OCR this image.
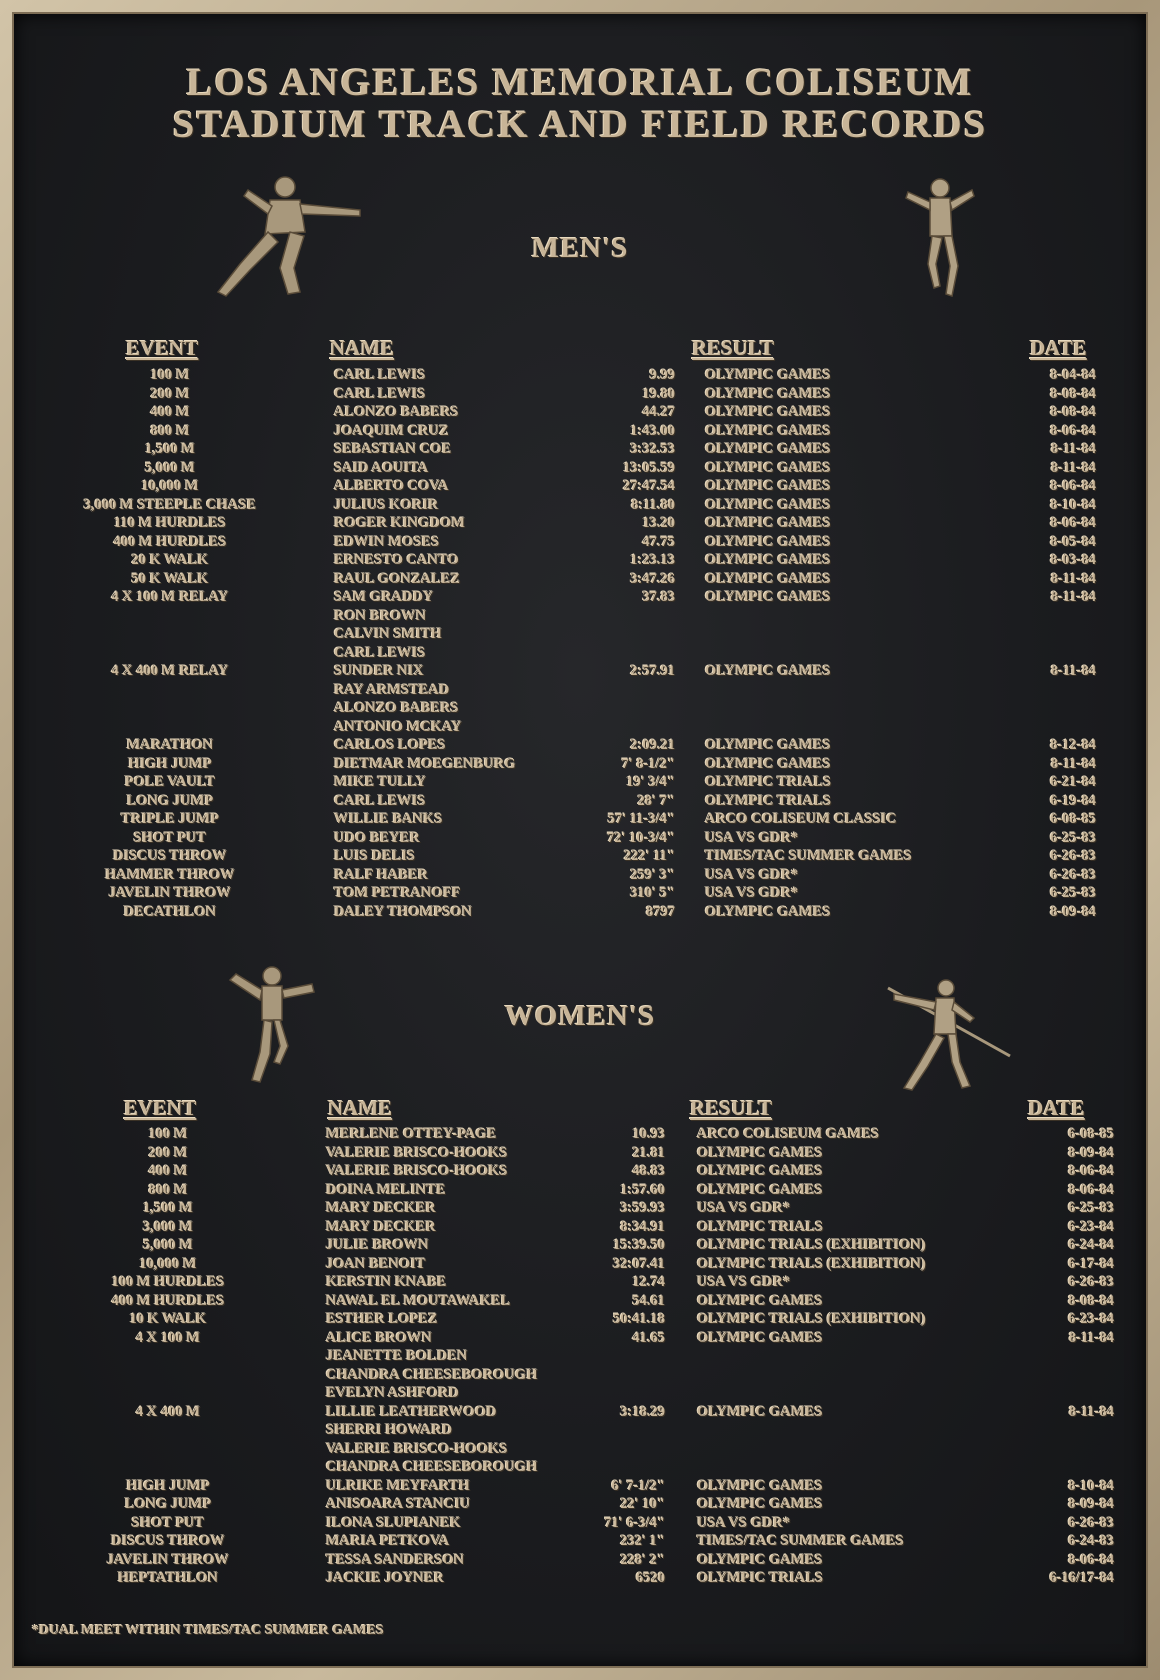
LOS ANGELES MEMORIAL COLISEUM
STADIUM TRACK AND FIELD RECORDS
MEN'S
EVENT	NAME	RESULT	DATE
100 M	CARL LEWIS	9.99 OLYMPIC GAMES	8-04-84
200 M	CARL LEWIS	19.80 OLYMPIC GAMES	8-08-84
400 M	ALONZO BABERS	44.27 OLYMPIC GAMES	8-08-84
800 M	JOAQUIM CRUZ	1:43.00 OLYMPIC GAMES	8-06-84
1,500 M	SEBASTIAN COE	3:32.53 OLYMPIC GAMES	8-11-84
5,000 M	SAID AOUITA	13:05.59 OLYMPIC GAMES	8-11-84
10,000 M	ALBERTO COVA	27:47.54 OLYMPIC GAMES	8-06-84
3,000 M STEEPLE CHASE	JULIUS KORIR	8:11.80 OLYMPIC GAMES	8-10-84
110 M HURDLES	ROGER KINGDOM	13.20 OLYMPIC GAMES	8-06-84
400 M HURDLES	EDWIN MOSES	47.75 OLYMPIC GAMES	8-05-84
20 K WALK	ERNESTO CANTO	1:23.13 OLYMPIC GAMES	8-03-84
50 K WALK	RAUL GONZALEZ	3:47.26 OLYMPIC GAMES	8-11-84
4 X 100 M RELAY	SAM GRADDY	37.83 OLYMPIC GAMES	8-11-84
RON BROWN
CALVIN SMITH
CARL LEWIS
4 X 400 M RELAY	SUNDER NIX	2:57.91 OLYMPIC GAMES	8-11-84
RAY ARMSTEAD
ALONZO BABERS
ANTONIO MCKAY
MARATHON	CARLOS LOPES	2:09.21 OLYMPIC GAMES	8-12-84
HIGH JUMP	DIETMAR MOEGENBURG	7' 8-1/2" OLYMPIC GAMES	8-11-84
POLE VAULT	MIKE TULLY	19' 3/4" OLYMPIC TRIALS	6-21-84
LONG JUMP	CARL LEWIS	28' 7" OLYMPIC TRIALS	6-19-84
TRIPLE JUMP	WILLIE BANKS	57' 11-3/4" ARCO COLISEUM CLASSIC	6-08-85
SHOT PUT	UDO BEYER	72' 10-3/4" USA VS GDR*	6-25-83
DISCUS THROW	LUIS DELIS	222' 11" TIMES/TAC SUMMER GAMES	6-26-83
HAMMER THROW	RALF HABER	259' 3" USA VS GDR*	6-26-83
JAVELIN THROW	TOM PETRANOFF	310' 5" USA VS GDR*	6-25-83
DECATHLON	DALEY THOMPSON	8797 OLYMPIC GAMES	8-09-84
WOMEN'S
EVENT	NAME	RESULT	DATE
100 M	MERLENE OTTEY-PAGE	10.93 ARCO COLISEUM GAMES	6-08-85
200 M	VALERIE BRISCO-HOOKS	21.81 OLYMPIC GAMES	8-09-84
400 M	VALERIE BRISCO-HOOKS	48.83 OLYMPIC GAMES	8-06-84
800 M	DOINA MELINTE	1:57.60 OLYMPIC GAMES	8-06-84
1,500 M	MARY DECKER	3:59.93 USA VS GDR*	6-25-83
3,000 M	MARY DECKER	8:34.91 OLYMPIC TRIALS	6-23-84
5,000 M	JULIE BROWN	15:39.50 OLYMPIC TRIALS (EXHIBITION)	6-24-84
10,000 M	JOAN BENOIT	32:07.41 OLYMPIC TRIALS (EXHIBITION)	6-17-84
100 M HURDLES	KERSTIN KNABE	12.74 USA VS GDR*	6-26-83
400 M HURDLES	NAWAL EL MOUTAWAKEL	54.61 OLYMPIC GAMES	8-08-84
10 K WALK	ESTHER LOPEZ	50:41.18 OLYMPIC TRIALS (EXHIBITION)	6-23-84
4 X 100 M	ALICE BROWN	41.65 OLYMPIC GAMES	8-11-84
JEANETTE BOLDEN
CHANDRA CHEESEBOROUGH
EVELYN ASHFORD
4 X 400 M	LILLIE LEATHERWOOD	3:18.29 OLYMPIC GAMES	8-11-84
SHERRI HOWARD
VALERIE BRISCO-HOOKS
CHANDRA CHEESEBOROUGH
HIGH JUMP	ULRIKE MEYFARTH	6' 7-1/2" OLYMPIC GAMES	8-10-84
LONG JUMP	ANISOARA STANCIU	22' 10" OLYMPIC GAMES	8-09-84
SHOT PUT	ILONA SLUPIANEK	71' 6-3/4" USA VS GDR*	6-26-83
DISCUS THROW	MARIA PETKOVA	232' 1" TIMES/TAC SUMMER GAMES	6-24-83
JAVELIN THROW	TESSA SANDERSON	228' 2" OLYMPIC GAMES	8-06-84
HEPTATHLON	JACKIE JOYNER	6520 OLYMPIC TRIALS	6-16/17-84
*DUAL MEET WITHIN TIMES/TAC SUMMER GAMES
